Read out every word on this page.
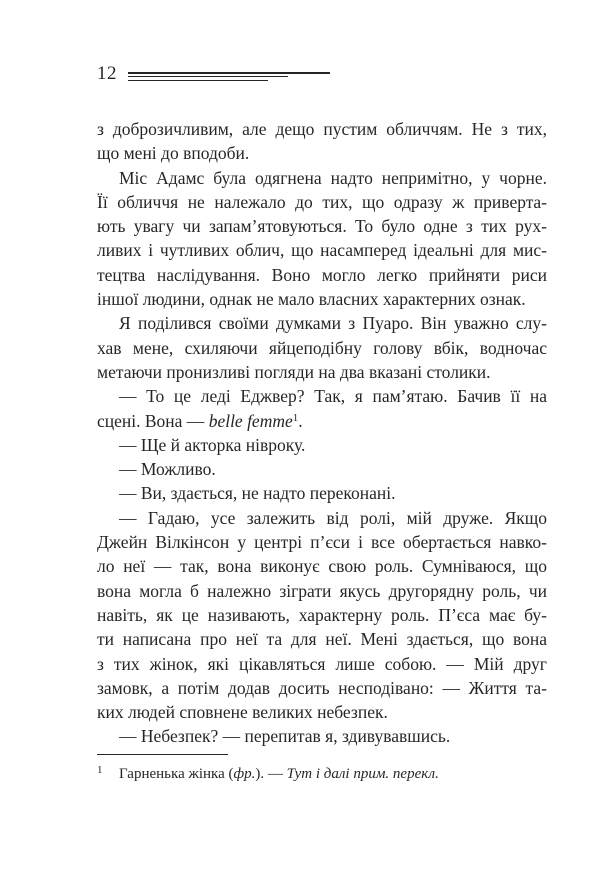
12
з доброзичливим, але дещо пустим обличчям. Не з тих,
що мені до вподоби.
Міс Адамс була одягнена надто непримітно, у чорне.
Її обличчя не належало до тих, що одразу ж привертa-
ють увагу чи запам’ятовуються. То було одне з тих рух-
ливих і чутливих облич, що насамперед ідеальні для мис-
тецтва наслідування. Воно могло легко прийняти риси
іншої людини, однак не мало власних характерних ознак.
Я поділився своїми думками з Пуаро. Він уважно слу-
хав мене, схиляючи яйцеподібну голову вбік, водночас
метаючи пронизливі погляди на два вказані столики.
— То це леді Еджвер? Так, я пам’ятаю. Бачив її на
сцені. Вона — belle femme$^1$.
— Ще й акторка нівроку.
— Можливо.
— Ви, здається, не надто переконані.
— Гадаю, усе залежить від ролі, мій друже. Якщо
Джейн Вілкінсон у центрі п’єси і все обертається навко-
ло неї — так, вона виконує свою роль. Сумніваюся, що
вона могла б належно зіграти якусь другорядну роль, чи
навіть, як це називають, характерну роль. П’єса має бу-
ти написана про неї та для неї. Мені здається, що вона
з тих жінок, які цікавляться лише собою. — Мій друг
замовк, а потім додав досить несподівано: — Життя та-
ких людей сповнене великих небезпек.
— Небезпек? — перепитав я, здивувавшись.
1 Гарненька жінка (фр.). — Тут і далі прим. перекл.
